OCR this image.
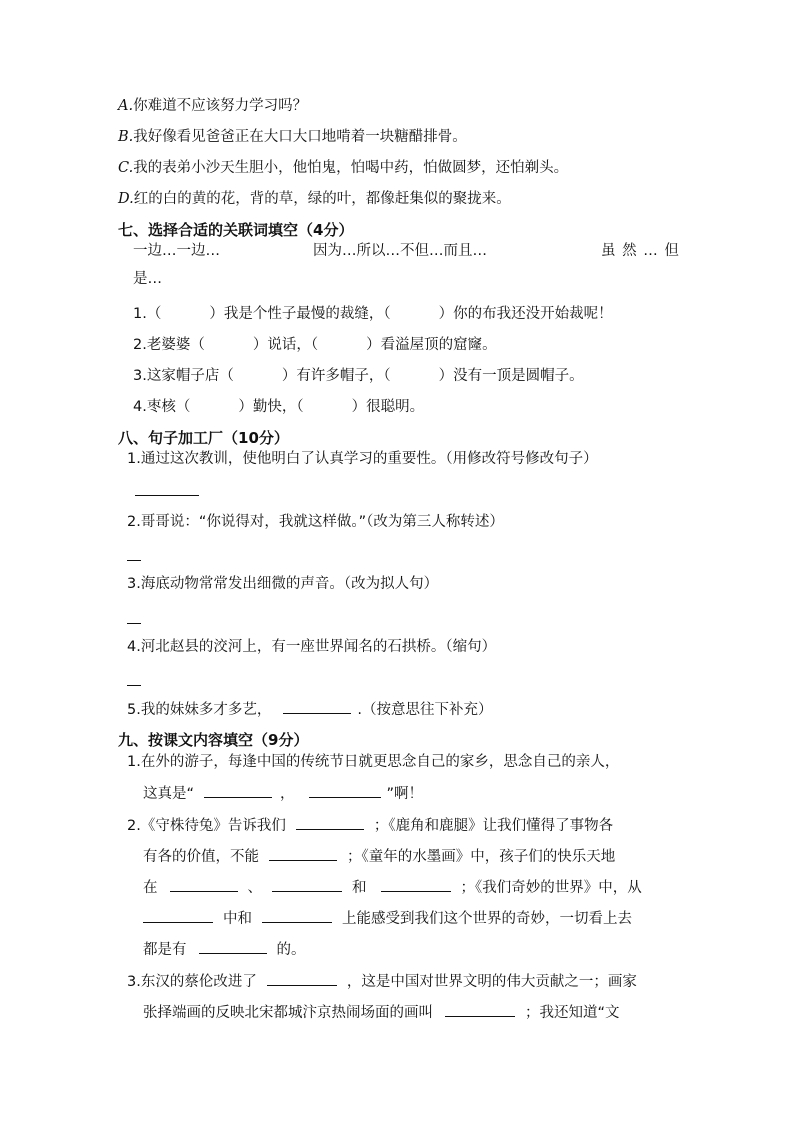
A.你难道不应该努力学习吗？
B.我好像看见爸爸正在大口大口地啃着一块糖醋排骨。
C.我的表弟小沙天生胆小，他怕鬼，怕喝中药，怕做圆梦，还怕剃头。
D.红的白的黄的花，背的草，绿的叶，都像赶集似的聚拢来。
七、选择合适的关联词填空（4分）
一边…一边…	因为…所以…不但…而且…	虽 然 … 但
是…
1.（	）我是个性子最慢的裁缝，（	）你的布我还没开始裁呢！
2.老婆婆（	）说话，（	）看溢屋顶的窟窿。
3.这家帽子店（	）有许多帽子，（	）没有一顶是圆帽子。
4.枣核（	）勤快，（	）很聪明。
八、句子加工厂（10分）
1.通过这次教训，使他明白了认真学习的重要性。（用修改符号修改句子）
2.哥哥说：“你说得对，我就这样做。”（改为第三人称转述）
3.海底动物常常发出细微的声音。（改为拟人句）
4.河北赵县的洨河上，有一座世界闻名的石拱桥。（缩句）
5.我的妹妹多才多艺，	.（按意思往下补充）
九、按课文内容填空（9分）
1.在外的游子，每逢中国的传统节日就更思念自己的家乡，思念自己的亲人，
这真是“	，	”啊！
2.《守株待兔》告诉我们	；《鹿角和鹿腿》让我们懂得了事物各
有各的价值，不能	；《童年的水墨画》中，孩子们的快乐天地
在	、	和	；《我们奇妙的世界》中，从
中和	上能感受到我们这个世界的奇妙，一切看上去
都是有	的。
3.东汉的蔡伦改进了	，这是中国对世界文明的伟大贡献之一；画家
张择端画的反映北宋都城汴京热闹场面的画叫	；我还知道“文
